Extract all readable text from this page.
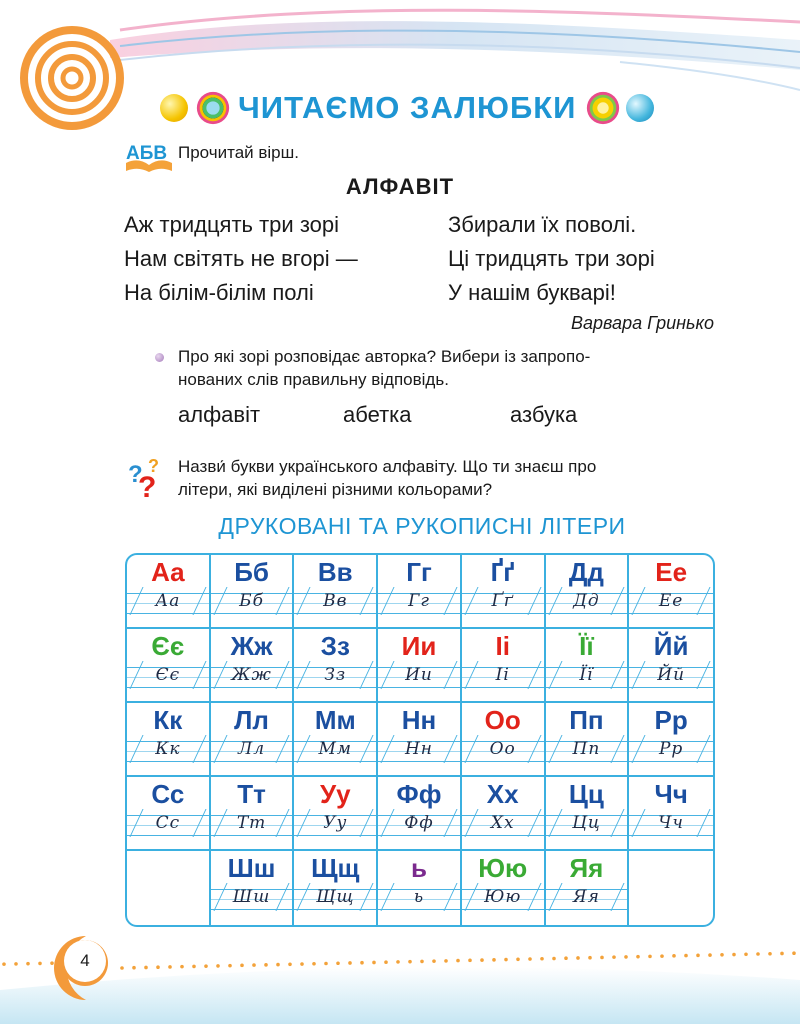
ЧИТАЄМО ЗАЛЮБКИ
АБВ Прочитай вірш.
АЛФАВІТ
Аж тридцять три зорі
Нам світять не вгорі —
На білім-білім полі
Збирали їх поволі.
Ці тридцять три зорі
У нашім букварі!
Варвара Гринько
Про які зорі розповідає авторка? Вибери із запропо-
нованих слів правильну відповідь.
алфавіт	абетка	азбука
? ?
?
Назви́ букви українського алфавіту. Що ти знаєш про
літери, які виділені різними кольорами?
ДРУКОВАНІ ТА РУКОПИСНІ ЛІТЕРИ
Аа
Аа
Бб
Бб
Вв
Вв
Гг
Гг
Ґґ
Ґґ
Дд
Дд
Ее
Ее
Єє
Єє
Жж
Жж
Зз
Зз
Ии
Ии
Іі
Іі
Її
Її
Йй
Йй
Кк
Кк
Лл
Лл
Мм
Мм
Нн
Нн
Оо
Оо
Пп
Пп
Рр
Рр
Сс
Сс
Тт
Тт
Уу
Уу
Фф
Фф
Хх
Хх
Цц
Цц
Чч
Чч
Шш
Шш
Щщ
Щщ
ь
ь
Юю
Юю
Яя
Яя
4
